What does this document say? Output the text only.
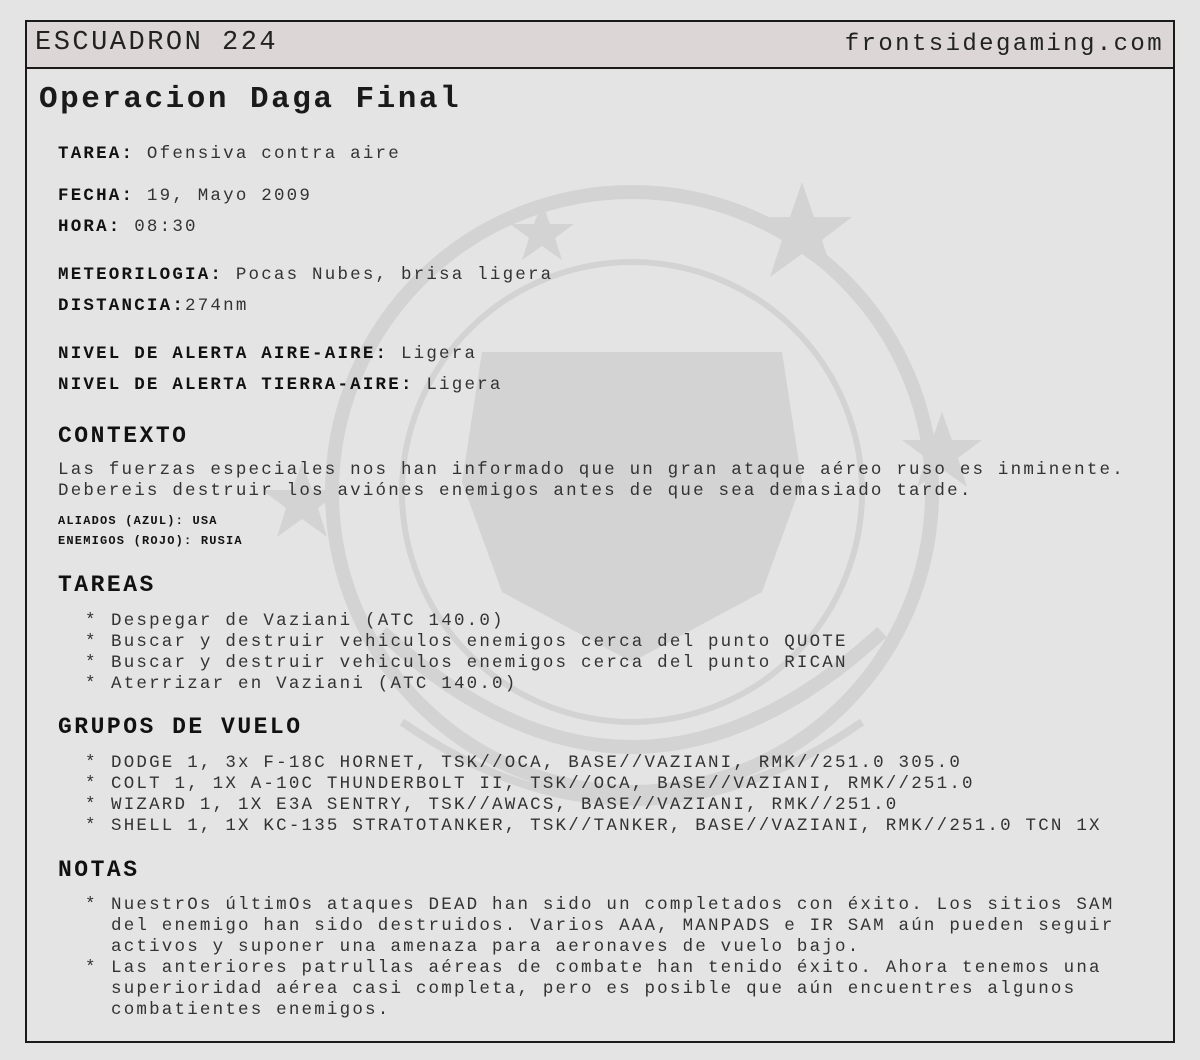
ESCUADRON 224	frontsidegaming.com
Operacion Daga Final
TAREA: Ofensiva contra aire
FECHA: 19, Mayo 2009
HORA: 08:30
METEORILOGIA: Pocas Nubes, brisa ligera
DISTANCIA:274nm
NIVEL DE ALERTA AIRE-AIRE: Ligera
NIVEL DE ALERTA TIERRA-AIRE: Ligera
CONTEXTO
Las fuerzas especiales nos han informado que un gran ataque aéreo ruso es inminente.
Debereis destruir los aviónes enemigos antes de que sea demasiado tarde.
ALIADOS (AZUL): USA
ENEMIGOS (ROJO): RUSIA
TAREAS
* Despegar de Vaziani (ATC 140.0)
* Buscar y destruir vehiculos enemigos cerca del punto QUOTE
* Buscar y destruir vehiculos enemigos cerca del punto RICAN
* Aterrizar en Vaziani (ATC 140.0)
GRUPOS DE VUELO
* DODGE 1, 3x F-18C HORNET, TSK//OCA, BASE//VAZIANI, RMK//251.0 305.0
* COLT 1, 1X A-10C THUNDERBOLT II, TSK//OCA, BASE//VAZIANI, RMK//251.0
* WIZARD 1, 1X E3A SENTRY, TSK//AWACS, BASE//VAZIANI, RMK//251.0
* SHELL 1, 1X KC-135 STRATOTANKER, TSK//TANKER, BASE//VAZIANI, RMK//251.0 TCN 1X
NOTAS
* NuestrOs últimOs ataques DEAD han sido un completados con éxito. Los sitios SAM del enemigo han sido destruidos. Varios AAA, MANPADS e IR SAM aún pueden seguir activos y suponer una amenaza para aeronaves de vuelo bajo.
* Las anteriores patrullas aéreas de combate han tenido éxito. Ahora tenemos una superioridad aérea casi completa, pero es posible que aún encuentres algunos combatientes enemigos.
